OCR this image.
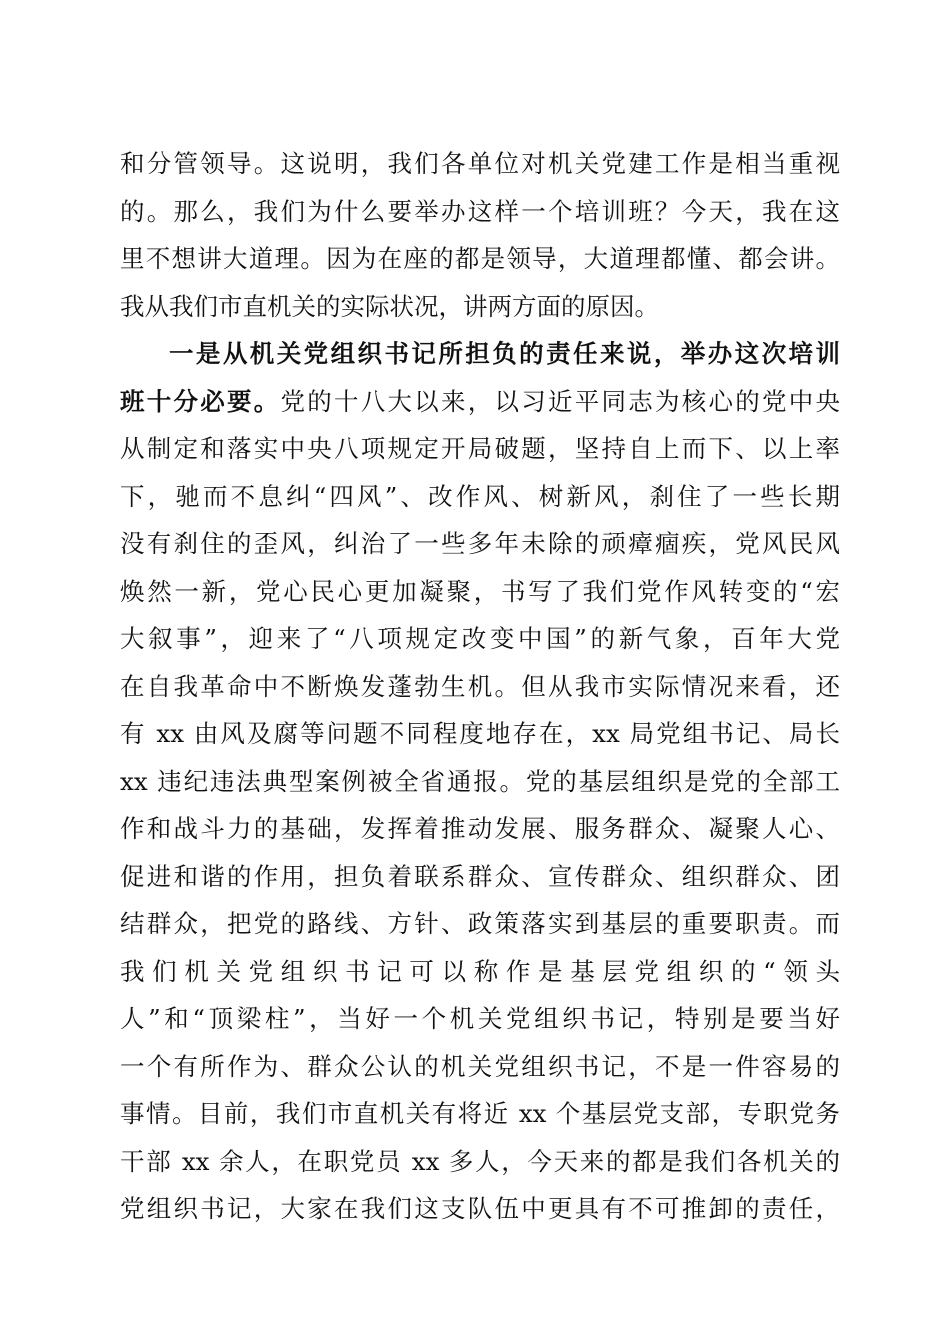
和分管领导。这说明，我们各单位对机关党建工作是相当重视
的。那么，我们为什么要举办这样一个培训班？今天，我在这
里不想讲大道理。因为在座的都是领导，大道理都懂、都会讲。
我从我们市直机关的实际状况，讲两方面的原因。
一是从机关党组织书记所担负的责任来说，举办这次培训
班十分必要。党的十八大以来，以习近平同志为核心的党中央
从制定和落实中央八项规定开局破题，坚持自上而下、以上率
下，驰而不息纠“四风”、改作风、树新风，刹住了一些长期
没有刹住的歪风，纠治了一些多年未除的顽瘴痼疾，党风民风
焕然一新，党心民心更加凝聚，书写了我们党作风转变的“宏
大叙事”，迎来了“八项规定改变中国”的新气象，百年大党
在自我革命中不断焕发蓬勃生机。但从我市实际情况来看，还
有 xx 由风及腐等问题不同程度地存在，xx 局党组书记、局长
xx 违纪违法典型案例被全省通报。党的基层组织是党的全部工
作和战斗力的基础，发挥着推动发展、服务群众、凝聚人心、
促进和谐的作用，担负着联系群众、宣传群众、组织群众、团
结群众，把党的路线、方针、政策落实到基层的重要职责。而
我们机关党组织书记可以称作是基层党组织的“领头
人”和“顶梁柱”，当好一个机关党组织书记，特别是要当好
一个有所作为、群众公认的机关党组织书记，不是一件容易的
事情。目前，我们市直机关有将近 xx 个基层党支部，专职党务
干部 xx 余人，在职党员 xx 多人，今天来的都是我们各机关的
党组织书记，大家在我们这支队伍中更具有不可推卸的责任，
